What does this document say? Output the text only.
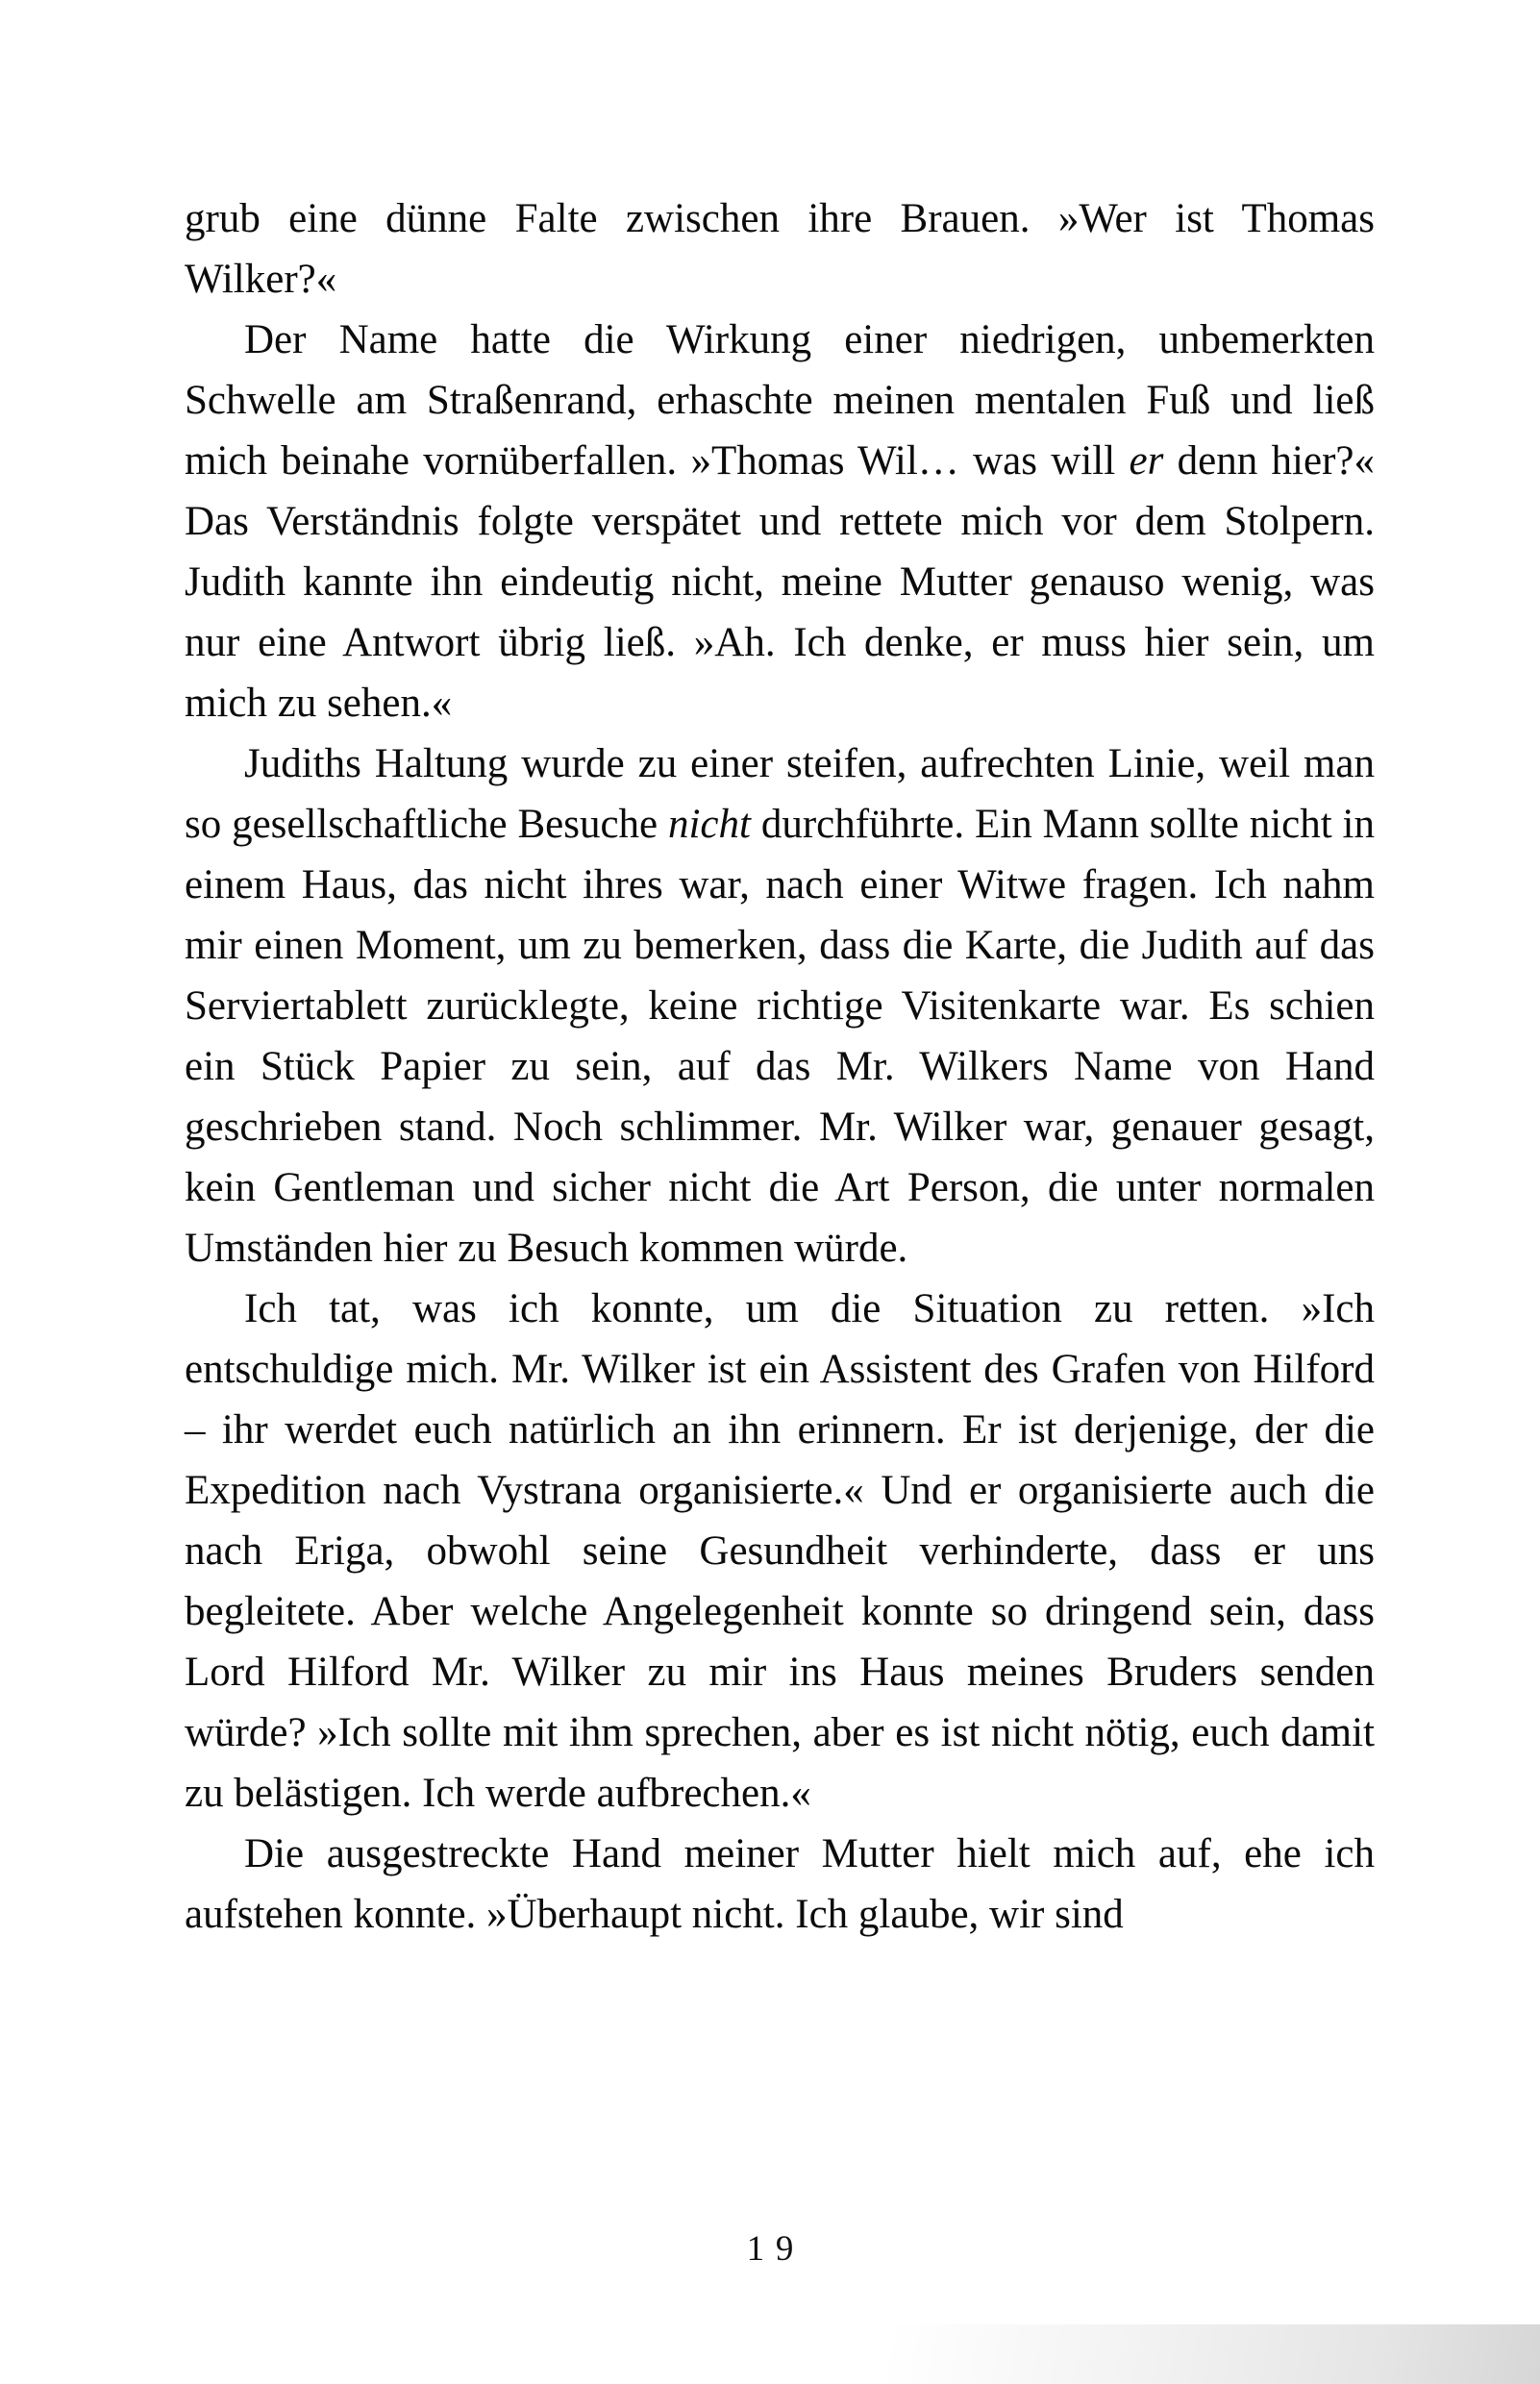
grub eine dünne Falte zwischen ihre Brauen. »Wer ist Thomas Wilker?«

Der Name hatte die Wirkung einer niedrigen, unbemerkten Schwelle am Straßenrand, erhaschte meinen mentalen Fuß und ließ mich beinahe vornüberfallen. »Thomas Wil… was will er denn hier?« Das Verständnis folgte verspätet und rettete mich vor dem Stolpern. Judith kannte ihn eindeutig nicht, meine Mutter genauso wenig, was nur eine Antwort übrig ließ. »Ah. Ich denke, er muss hier sein, um mich zu sehen.«

Judiths Haltung wurde zu einer steifen, aufrechten Linie, weil man so gesellschaftliche Besuche nicht durchführte. Ein Mann sollte nicht in einem Haus, das nicht ihres war, nach einer Witwe fragen. Ich nahm mir einen Moment, um zu bemerken, dass die Karte, die Judith auf das Serviertablett zurücklegte, keine richtige Visitenkarte war. Es schien ein Stück Papier zu sein, auf das Mr. Wilkers Name von Hand geschrieben stand. Noch schlimmer. Mr. Wilker war, genauer gesagt, kein Gentleman und sicher nicht die Art Person, die unter normalen Umständen hier zu Besuch kommen würde.

Ich tat, was ich konnte, um die Situation zu retten. »Ich entschuldige mich. Mr. Wilker ist ein Assistent des Grafen von Hilford – ihr werdet euch natürlich an ihn erinnern. Er ist derjenige, der die Expedition nach Vystrana organisierte.« Und er organisierte auch die nach Eriga, obwohl seine Gesundheit verhinderte, dass er uns begleitete. Aber welche Angelegenheit konnte so dringend sein, dass Lord Hilford Mr. Wilker zu mir ins Haus meines Bruders senden würde? »Ich sollte mit ihm sprechen, aber es ist nicht nötig, euch damit zu belästigen. Ich werde aufbrechen.«

Die ausgestreckte Hand meiner Mutter hielt mich auf, ehe ich aufstehen konnte. »Überhaupt nicht. Ich glaube, wir sind

19
